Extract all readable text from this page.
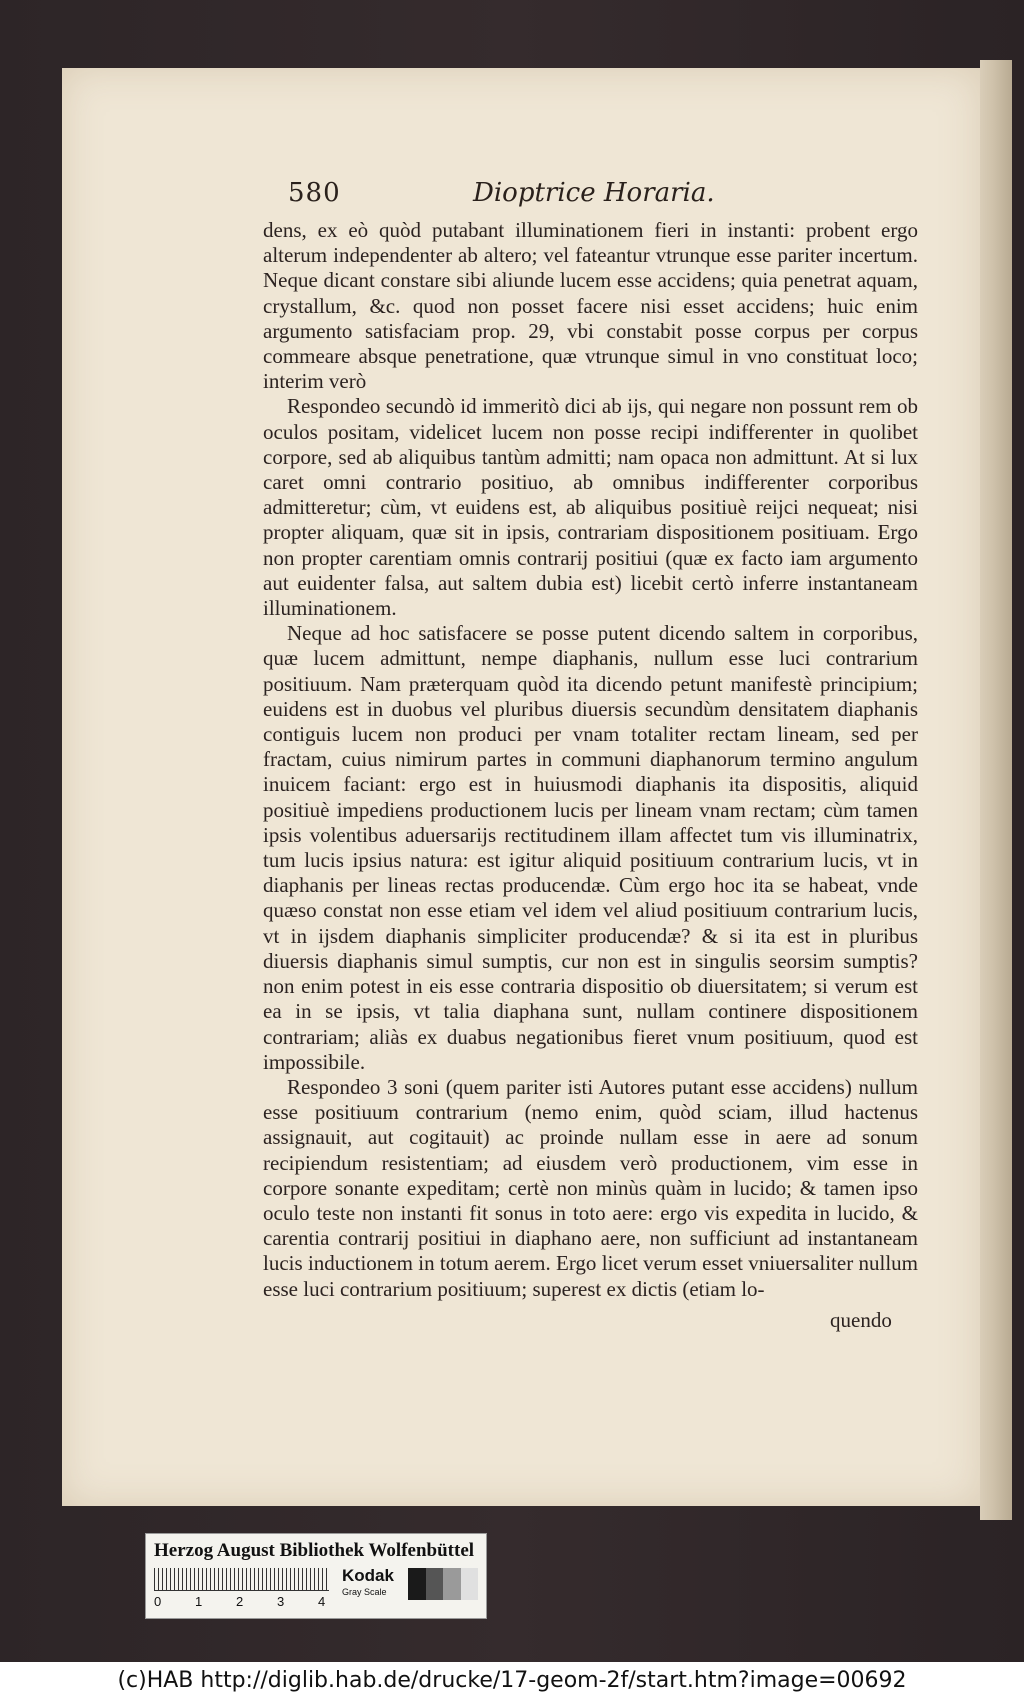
580	Dioptrice Horaria.

dens, ex eò quòd putabant illuminationem fieri in instanti: probent ergo alterum independenter ab altero; vel fateantur vtrunque esse pariter incertum. Neque dicant constare sibi aliunde lucem esse accidens; quia penetrat aquam, crystallum, &c. quod non posset facere nisi esset accidens; huic enim argumento satisfaciam prop. 29, vbi constabit posse corpus per corpus commeare absque penetratione, quæ vtrunque simul in vno constituat loco; interim verò

Respondeo secundò id immeritò dici ab ijs, qui negare non possunt rem ob oculos positam, videlicet lucem non posse recipi indifferenter in quolibet corpore, sed ab aliquibus tantùm admitti; nam opaca non admittunt. At si lux caret omni contrario positiuo, ab omnibus indifferenter corporibus admitteretur; cùm, vt euidens est, ab aliquibus positiuè reijci nequeat; nisi propter aliquam, quæ sit in ipsis, contrariam dispositionem positiuam. Ergo non propter carentiam omnis contrarij positiui (quæ ex facto iam argumento aut euidenter falsa, aut saltem dubia est) licebit certò inferre instantaneam illuminationem.

Neque ad hoc satisfacere se posse putent dicendo saltem in corporibus, quæ lucem admittunt, nempe diaphanis, nullum esse luci contrarium positiuum. Nam præterquam quòd ita dicendo petunt manifestè principium; euidens est in duobus vel pluribus diuersis secundùm densitatem diaphanis contiguis lucem non produci per vnam totaliter rectam lineam, sed per fractam, cuius nimirum partes in communi diaphanorum termino angulum inuicem faciant: ergo est in huiusmodi diaphanis ita dispositis, aliquid positiuè impediens productionem lucis per lineam vnam rectam; cùm tamen ipsis volentibus aduersarijs rectitudinem illam affectet tum vis illuminatrix, tum lucis ipsius natura: est igitur aliquid positiuum contrarium lucis, vt in diaphanis per lineas rectas producendæ. Cùm ergo hoc ita se habeat, vnde quæso constat non esse etiam vel idem vel aliud positiuum contrarium lucis, vt in ijsdem diaphanis simpliciter producendæ? & si ita est in pluribus diuersis diaphanis simul sumptis, cur non est in singulis seorsim sumptis? non enim potest in eis esse contraria dispositio ob diuersitatem; si verum est ea in se ipsis, vt talia diaphana sunt, nullam continere dispositionem contrariam; aliàs ex duabus negationibus fieret vnum positiuum, quod est impossibile.

Respondeo 3 soni (quem pariter isti Autores putant esse accidens) nullum esse positiuum contrarium (nemo enim, quòd sciam, illud hactenus assignauit, aut cogitauit) ac proinde nullam esse in aere ad sonum recipiendum resistentiam; ad eiusdem verò productionem, vim esse in corpore sonante expeditam; certè non minùs quàm in lucido; & tamen ipso oculo teste non instanti fit sonus in toto aere: ergo vis expedita in lucido, & carentia contrarij positiui in diaphano aere, non sufficiunt ad instantaneam lucis inductionem in totum aerem. Ergo licet verum esset vniuersaliter nullum esse luci contrarium positiuum; superest ex dictis (etiam lo-

quendo
Herzog August Bibliothek Wolfenbüttel
0	1	2	3	4
Kodak
Gray Scale
(c)HAB http://diglib.hab.de/drucke/17-geom-2f/start.htm?image=00692
